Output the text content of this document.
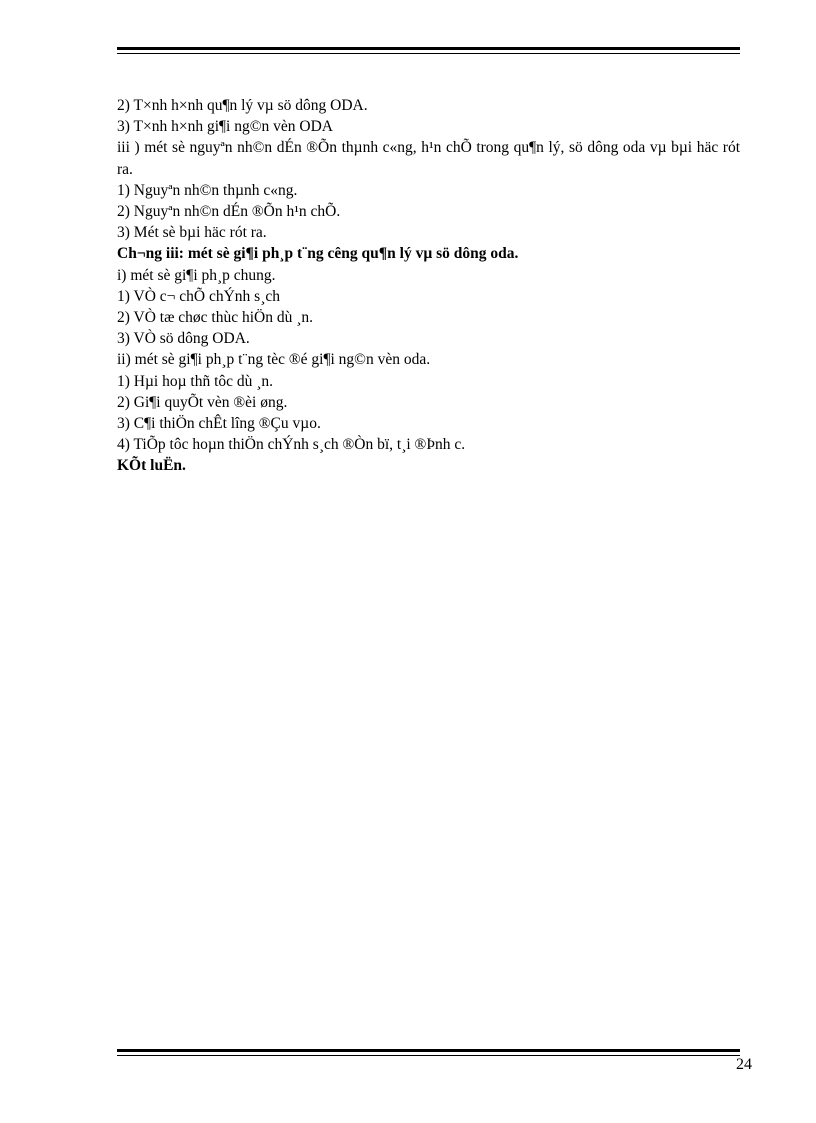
2) T×nh h×nh qu¶n lý vµ sö dông ODA.
3) T×nh h×nh gi¶i ng©n vèn ODA
iii ) mét sè nguyªn nh©n dÉn ®Õn thµnh c«ng, h¹n chÕ trong qu¶n lý, sö dông oda vµ bµi häc rót ra.
1) Nguyªn nh©n thµnh c«ng.
2) Nguyªn nh©n dÉn ®Õn h¹n chÕ.
3) Mét sè bµi häc rót ra.
Ch¬ng iii: mét sè gi¶i ph¸p t¨ng cêng qu¶n lý vµ sö dông oda.
i) mét sè gi¶i ph¸p chung.
1) VÒ c¬ chÕ chÝnh s¸ch
2) VÒ tæ chøc thùc hiÖn dù ¸n.
3) VÒ sö dông ODA.
ii) mét sè gi¶i ph¸p t¨ng tèc ®é gi¶i ng©n vèn oda.
1) Hµi hoµ thñ tôc dù ¸n.
2) Gi¶i quyÕt vèn ®èi øng.
3) C¶i thiÖn chÊt lîng ®Çu vµo.
4) TiÕp tôc hoµn thiÖn chÝnh s¸ch ®Òn bï, t¸i ®Þnh c.
KÕt luËn.
24
